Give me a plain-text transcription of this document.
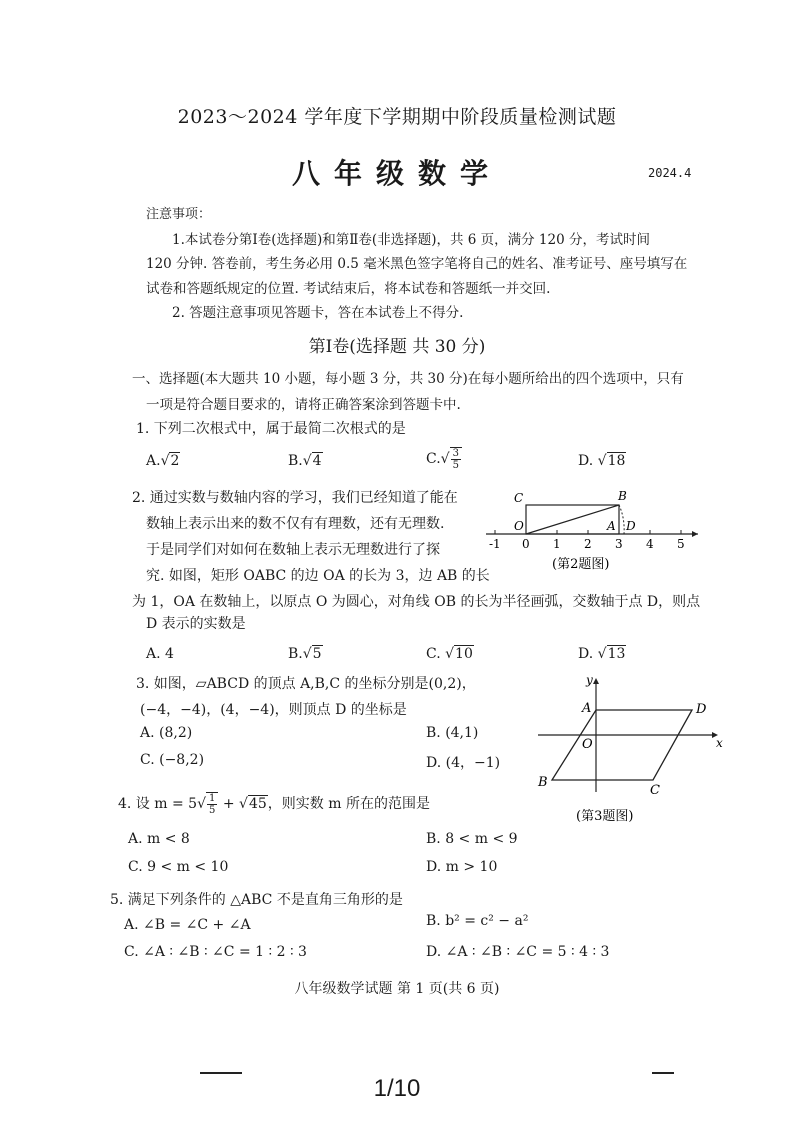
2023～2024 学年度下学期期中阶段质量检测试题
八年级数学	2024.4
注意事项：
1.本试卷分第Ⅰ卷(选择题)和第Ⅱ卷(非选择题)，共 6 页，满分 120 分，考试时间
120 分钟. 答卷前，考生务必用 0.5 毫米黑色签字笔将自己的姓名、准考证号、座号填写在
试卷和答题纸规定的位置. 考试结束后，将本试卷和答题纸一并交回.
2. 答题注意事项见答题卡，答在本试卷上不得分.
第Ⅰ卷(选择题 共 30 分)
一、选择题(本大题共 10 小题，每小题 3 分，共 30 分)在每小题所给出的四个选项中，只有
一项是符合题目要求的，请将正确答案涂到答题卡中.
1. 下列二次根式中，属于最简二次根式的是
A.√2	B.√4	$C.√ \frac{3}{5}$	D. √18
2. 通过实数与数轴内容的学习，我们已经知道了能在
数轴上表示出来的数不仅有有理数，还有无理数.
于是同学们对如何在数轴上表示无理数进行了探
究. 如图，矩形 OABC 的边 OA 的长为 3，边 AB 的长
为 1，OA 在数轴上，以原点 O 为圆心，对角线 OB 的长为半径画弧，交数轴于点 D，则点
D 表示的实数是
A. 4	B.√5	C. √10	D. √13
-1 0 1 2 3 4 5
C	B
O	A D
(第2题图)
3. 如图，▱ABCD 的顶点 A,B,C 的坐标分别是(0,2)，
(−4，−4)，(4，−4)，则顶点 D 的坐标是
A. (8,2)	B. (4,1)
C. (−8,2)	D. (4，−1)
y
A	D
O	x
B
C
(第3题图)
4. 设 $m = 5√ \frac{1}{5} + √45$，则实数 m 所在的范围是
A. m < 8	B. 8 < m < 9
C. 9 < m < 10	D. m > 10
5. 满足下列条件的 △ABC 不是直角三角形的是
A. ∠B = ∠C + ∠A	B. b² = c² − a²
C. ∠A ∶ ∠B ∶ ∠C = 1 ∶ 2 ∶ 3	D. ∠A ∶ ∠B ∶ ∠C = 5 ∶ 4 ∶ 3
八年级数学试题 第 1 页(共 6 页)
1/10
